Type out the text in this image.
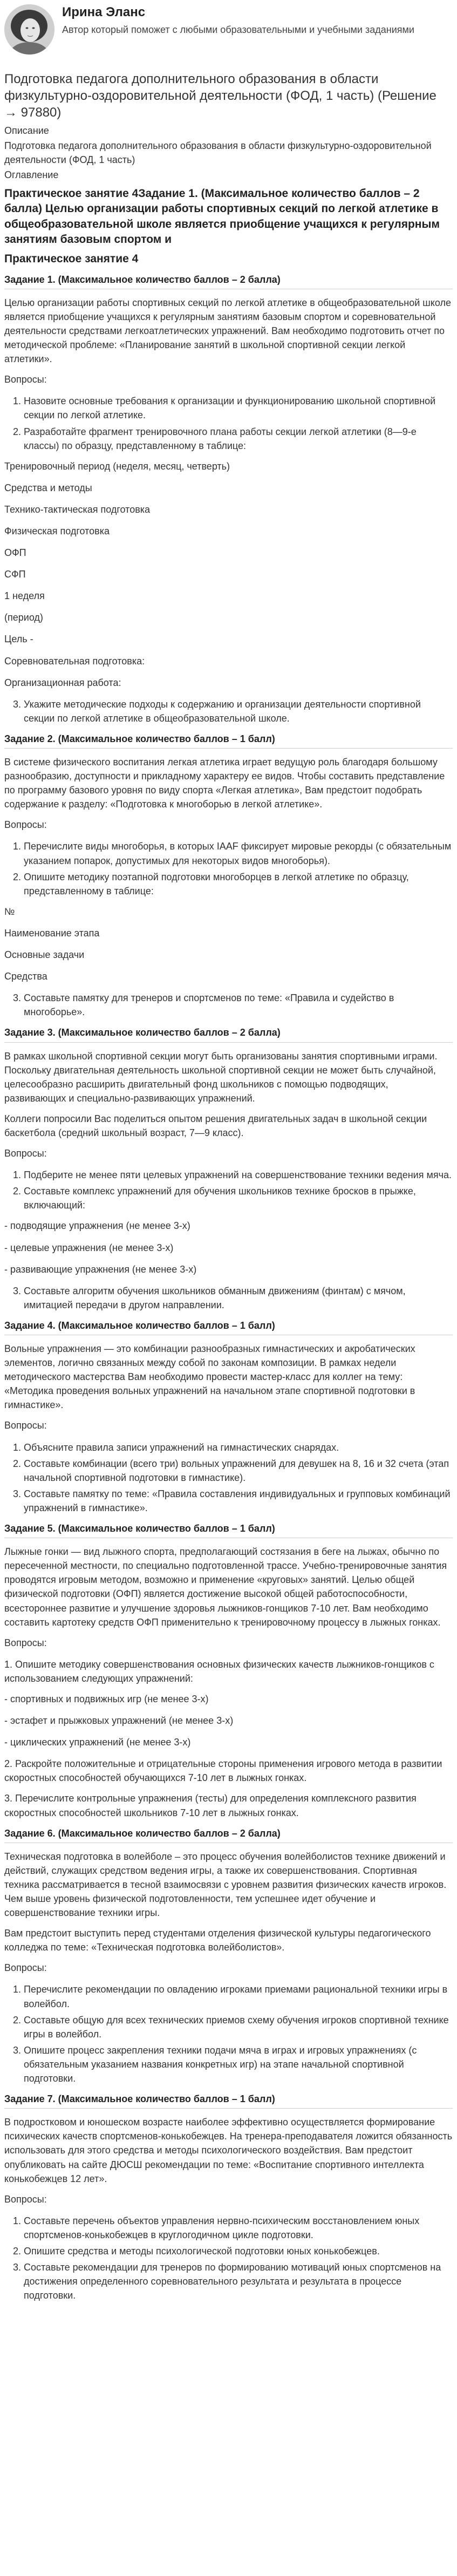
Ирина Эланс
Автор который поможет с любыми образовательными и учебными заданиями
Подготовка педагога дополнительного образования в области физкультурно-оздоровительной деятельности (ФОД, 1 часть) (Решение → 97880)
Описание
Подготовка педагога дополнительного образования в области физкультурно-оздоровительной деятельности (ФОД, 1 часть)
Оглавление
Практическое занятие 4Задание 1. (Максимальное количество баллов – 2 балла) Целью организации работы спортивных секций по легкой атлетике в общеобразовательной школе является приобщение учащихся к регулярным занятиям базовым спортом и
Практическое занятие 4
Задание 1. (Максимальное количество баллов – 2 балла)

Целью организации работы спортивных секций по легкой атлетике в общеобразовательной школе является приобщение учащихся к регулярным занятиям базовым спортом и соревновательной деятельности средствами легкоатлетических упражнений. Вам необходимо подготовить отчет по методической проблеме: «Планирование занятий в школьной спортивной секции легкой атлетики».

Вопросы:
1. Назовите основные требования к организации и функционированию школьной спортивной секции по легкой атлетике.
2. Разработайте фрагмент тренировочного плана работы секции легкой атлетики (8—9-е классы) по образцу, представленному в таблице:
Тренировочный период (неделя, месяц, четверть)
Средства и методы
Технико-тактическая подготовка
Физическая подготовка
ОФП
СФП
1 неделя
(период)
Цель -
Соревновательная подготовка:
Организационная работа:
3. Укажите методические подходы к содержанию и организации деятельности спортивной секции по легкой атлетике в общеобразовательной школе.
Задание 2. (Максимальное количество баллов – 1 балл)

В системе физического воспитания легкая атлетика играет ведущую роль благодаря большому разнообразию, доступности и прикладному характеру ее видов. Чтобы составить представление по программу базового уровня по виду спорта «Легкая атлетика», Вам предстоит подобрать содержание к разделу: «Подготовка к многоборью в легкой атлетике».

Вопросы:
1. Перечислите виды многоборья, в которых IAAF фиксирует мировые рекорды (с обязательным указанием попарок, допустимых для некоторых видов многоборья).
2. Опишите методику поэтапной подготовки многоборцев в легкой атлетике по образцу, представленному в таблице:
№
Наименование этапа
Основные задачи
Средства
3. Составьте памятку для тренеров и спортсменов по теме: «Правила и судейство в многоборье».
Задание 3. (Максимальное количество баллов – 2 балла)

В рамках школьной спортивной секции могут быть организованы занятия спортивными играми. Поскольку двигательная деятельность школьной спортивной секции не может быть случайной, целесообразно расширить двигательный фонд школьников с помощью подводящих, развивающих и специально-развивающих упражнений.

Коллеги попросили Вас поделиться опытом решения двигательных задач в школьной секции баскетбола (средний школьный возраст, 7—9 класс).

Вопросы:
1. Подберите не менее пяти целевых упражнений на совершенствование техники ведения мяча.
2. Составьте комплекс упражнений для обучения школьников технике бросков в прыжке, включающий:
- подводящие упражнения (не менее 3-х)
- целевые упражнения (не менее 3-х)
- развивающие упражнения (не менее 3-х)
3. Составьте алгоритм обучения школьников обманным движениям (финтам) с мячом, имитацией передачи в другом направлении.
Задание 4. (Максимальное количество баллов – 1 балл)

Вольные упражнения — это комбинации разнообразных гимнастических и акробатических элементов, логично связанных между собой по законам композиции. В рамках недели методического мастерства Вам необходимо провести мастер-класс для коллег на тему: «Методика проведения вольных упражнений на начальном этапе спортивной подготовки в гимнастике».

Вопросы:
1. Объясните правила записи упражнений на гимнастических снарядах.
2. Составьте комбинации (всего три) вольных упражнений для девушек на 8, 16 и 32 счета (этап начальной спортивной подготовки в гимнастике).
3. Составьте памятку по теме: «Правила составления индивидуальных и групповых комбинаций упражнений в гимнастике».
Задание 5. (Максимальное количество баллов – 1 балл)

Лыжные гонки — вид лыжного спорта, предполагающий состязания в беге на лыжах, обычно по пересеченной местности, по специально подготовленной трассе. Учебно-тренировочные занятия проводятся игровым методом, возможно и применение «круговых» занятий. Целью общей физической подготовки (ОФП) является достижение высокой общей работоспособности, всестороннее развитие и улучшение здоровья лыжников-гонщиков 7-10 лет. Вам необходимо составить картотеку средств ОФП применительно к тренировочному процессу в лыжных гонках.

Вопросы:

1. Опишите методику совершенствования основных физических качеств лыжников-гонщиков с использованием следующих упражнений:

- спортивных и подвижных игр (не менее 3-х)
- эстафет и прыжковых упражнений (не менее 3-х)
- циклических упражнений (не менее 3-х)

2. Раскройте положительные и отрицательные стороны применения игрового метода в развитии скоростных способностей обучающихся 7-10 лет в лыжных гонках.

3. Перечислите контрольные упражнения (тесты) для определения комплексного развития скоростных способностей школьников 7-10 лет в лыжных гонках.

Задание 6. (Максимальное количество баллов – 2 балла)

Техническая подготовка в волейболе – это процесс обучения волейболистов технике движений и действий, служащих средством ведения игры, а также их совершенствования. Спортивная техника рассматривается в тесной взаимосвязи с уровнем развития физических качеств игроков. Чем выше уровень физической подготовленности, тем успешнее идет обучение и совершенствование техники игры.

Вам предстоит выступить перед студентами отделения физической культуры педагогического колледжа по теме: «Техническая подготовка волейболистов».

Вопросы:
1. Перечислите рекомендации по овладению игроками приемами рациональной техники игры в волейбол.
2. Составьте общую для всех технических приемов схему обучения игроков спортивной технике игры в волейбол.
3. Опишите процесс закрепления техники подачи мяча в играх и игровых упражнениях (с обязательным указанием названия конкретных игр) на этапе начальной спортивной подготовки.
Задание 7. (Максимальное количество баллов – 1 балл)

В подростковом и юношеском возрасте наиболее эффективно осуществляется формирование психических качеств спортсменов-конькобежцев. На тренера-преподавателя ложится обязанность использовать для этого средства и методы психологического воздействия. Вам предстоит опубликовать на сайте ДЮСШ рекомендации по теме: «Воспитание спортивного интеллекта конькобежцев 12 лет».

Вопросы:
1. Составьте перечень объектов управления нервно-психическим восстановлением юных спортсменов-конькобежцев в круглогодичном цикле подготовки.
2. Опишите средства и методы психологической подготовки юных конькобежцев.
3. Составьте рекомендации для тренеров по формированию мотиваций юных спортсменов на достижения определенного соревновательного результата и результата в процессе подготовки.
